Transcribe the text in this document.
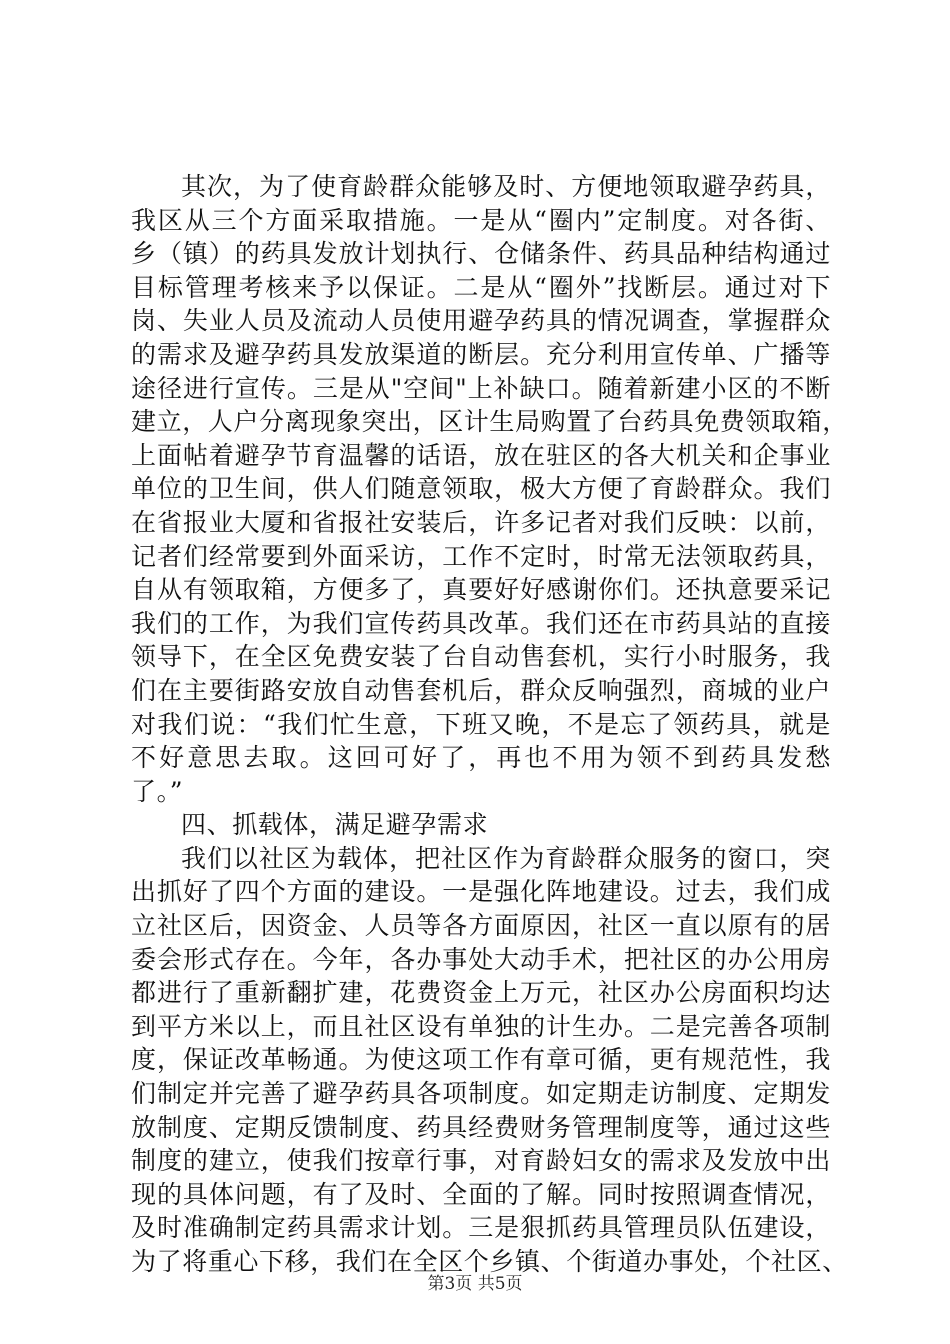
其次，为了使育龄群众能够及时、方便地领取避孕药具，
我区从三个方面采取措施。一是从“圈内”定制度。对各街、
乡（镇）的药具发放计划执行、仓储条件、药具品种结构通过
目标管理考核来予以保证。二是从“圈外”找断层。通过对下
岗、失业人员及流动人员使用避孕药具的情况调查，掌握群众
的需求及避孕药具发放渠道的断层。充分利用宣传单、广播等
途径进行宣传。三是从"空间"上补缺口。随着新建小区的不断
建立，人户分离现象突出，区计生局购置了台药具免费领取箱，
上面帖着避孕节育温馨的话语，放在驻区的各大机关和企事业
单位的卫生间，供人们随意领取，极大方便了育龄群众。我们
在省报业大厦和省报社安装后，许多记者对我们反映：以前，
记者们经常要到外面采访，工作不定时，时常无法领取药具，
自从有领取箱，方便多了，真要好好感谢你们。还执意要采记
我们的工作，为我们宣传药具改革。我们还在市药具站的直接
领导下，在全区免费安装了台自动售套机，实行小时服务，我
们在主要街路安放自动售套机后，群众反响强烈，商城的业户
对我们说：“我们忙生意，下班又晚，不是忘了领药具，就是
不好意思去取。这回可好了，再也不用为领不到药具发愁
了。”
四、抓载体，满足避孕需求
我们以社区为载体，把社区作为育龄群众服务的窗口，突
出抓好了四个方面的建设。一是强化阵地建设。过去，我们成
立社区后，因资金、人员等各方面原因，社区一直以原有的居
委会形式存在。今年，各办事处大动手术，把社区的办公用房
都进行了重新翻扩建，花费资金上万元，社区办公房面积均达
到平方米以上，而且社区设有单独的计生办。二是完善各项制
度，保证改革畅通。为使这项工作有章可循，更有规范性，我
们制定并完善了避孕药具各项制度。如定期走访制度、定期发
放制度、定期反馈制度、药具经费财务管理制度等，通过这些
制度的建立，使我们按章行事，对育龄妇女的需求及发放中出
现的具体问题，有了及时、全面的了解。同时按照调查情况，
及时准确制定药具需求计划。三是狠抓药具管理员队伍建设，
为了将重心下移，我们在全区个乡镇、个街道办事处，个社区、
第3页 共5页
